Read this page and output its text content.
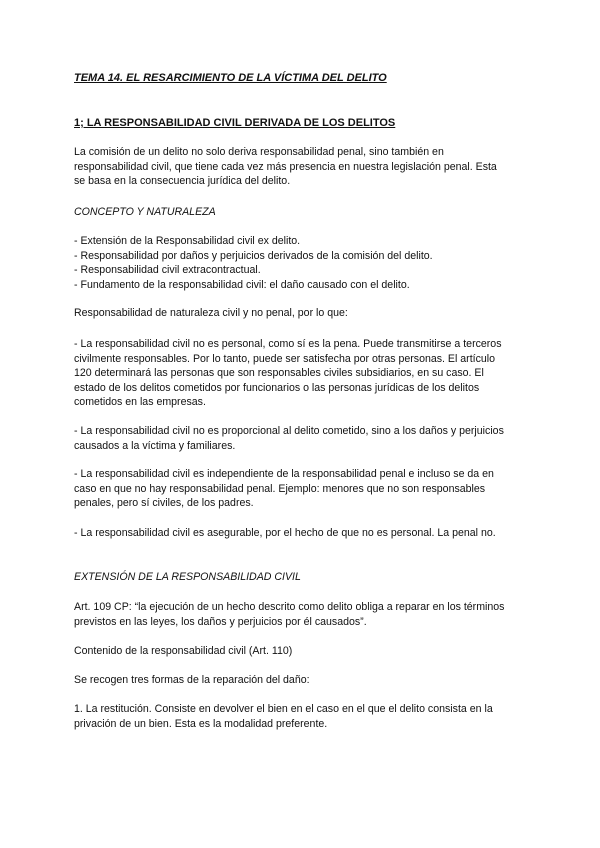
TEMA 14. EL RESARCIMIENTO DE LA VÍCTIMA DEL DELITO

1; LA RESPONSABILIDAD CIVIL DERIVADA DE LOS DELITOS

La comisión de un delito no solo deriva responsabilidad penal, sino también en
responsabilidad civil, que tiene cada vez más presencia en nuestra legislación penal. Esta
se basa en la consecuencia jurídica del delito.

CONCEPTO Y NATURALEZA

- Extensión de la Responsabilidad civil ex delito.
- Responsabilidad por daños y perjuicios derivados de la comisión del delito.
- Responsabilidad civil extracontractual.
- Fundamento de la responsabilidad civil: el daño causado con el delito.

Responsabilidad de naturaleza civil y no penal, por lo que:

- La responsabilidad civil no es personal, como sí es la pena. Puede transmitirse a terceros
civilmente responsables. Por lo tanto, puede ser satisfecha por otras personas. El artículo
120 determinará las personas que son responsables civiles subsidiarios, en su caso. El
estado de los delitos cometidos por funcionarios o las personas jurídicas de los delitos
cometidos en las empresas.

- La responsabilidad civil no es proporcional al delito cometido, sino a los daños y perjuicios
causados a la víctima y familiares.

- La responsabilidad civil es independiente de la responsabilidad penal e incluso se da en
caso en que no hay responsabilidad penal. Ejemplo: menores que no son responsables
penales, pero sí civiles, de los padres.

- La responsabilidad civil es asegurable, por el hecho de que no es personal. La penal no.

EXTENSIÓN DE LA RESPONSABILIDAD CIVIL

Art. 109 CP: “la ejecución de un hecho descrito como delito obliga a reparar en los términos
previstos en las leyes, los daños y perjuicios por él causados”.

Contenido de la responsabilidad civil (Art. 110)

Se recogen tres formas de la reparación del daño:

1. La restitución. Consiste en devolver el bien en el caso en el que el delito consista en la
privación de un bien. Esta es la modalidad preferente.
